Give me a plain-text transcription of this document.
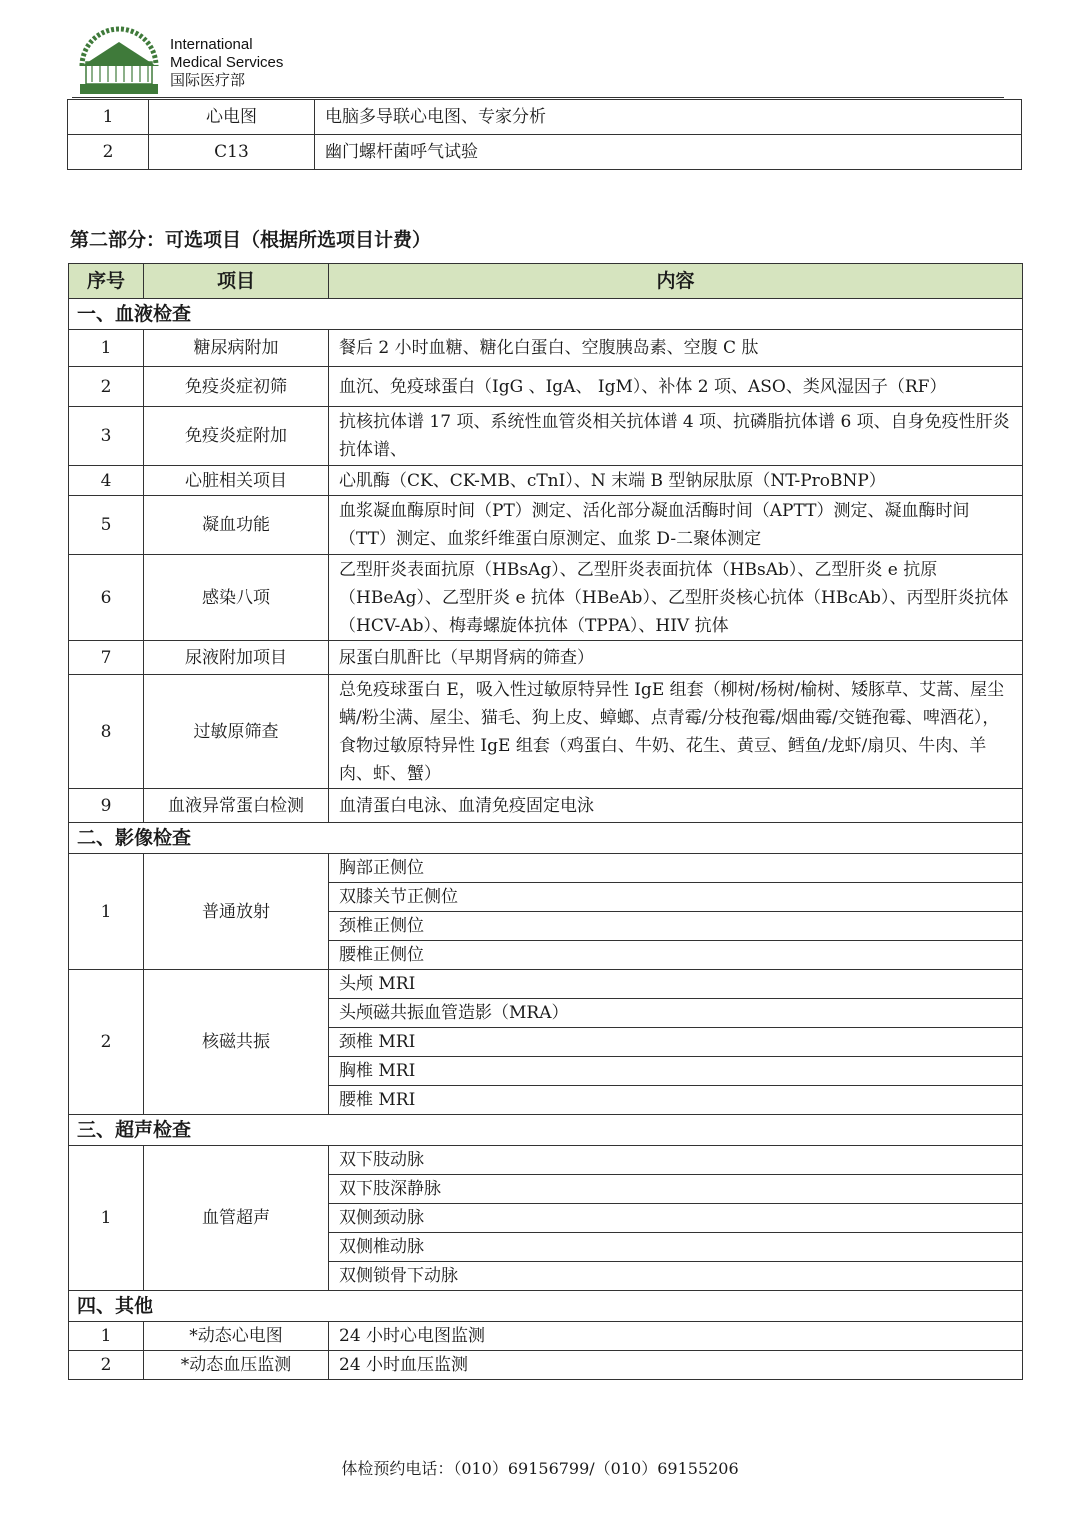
International
Medical Services
国际医疗部
1	心电图	电脑多导联心电图、专家分析
2	C13	幽门螺杆菌呼气试验
第二部分：可选项目（根据所选项目计费）
序号	项目	内容
一、血液检查		
1	糖尿病附加	餐后 2 小时血糖、糖化白蛋白、空腹胰岛素、空腹 C 肽
2	免疫炎症初筛	血沉、免疫球蛋白（IgG 、IgA、 IgM）、补体 2 项、ASO、类风湿因子（RF）
3	免疫炎症附加	抗核抗体谱 17 项、系统性血管炎相关抗体谱 4 项、抗磷脂抗体谱 6 项、自身免疫性肝炎抗体谱、
4	心脏相关项目	心肌酶（CK、CK-MB、cTnI）、N 末端 B 型钠尿肽原（NT-ProBNP）
5	凝血功能	血浆凝血酶原时间（PT）测定、活化部分凝血活酶时间（APTT）测定、凝血酶时间（TT）测定、血浆纤维蛋白原测定、血浆 D-二聚体测定
6	感染八项	乙型肝炎表面抗原（HBsAg）、乙型肝炎表面抗体（HBsAb）、乙型肝炎 e 抗原（HBeAg）、乙型肝炎 e 抗体（HBeAb）、乙型肝炎核心抗体（HBcAb）、丙型肝炎抗体（HCV-Ab）、梅毒螺旋体抗体（TPPA）、HIV 抗体
7	尿液附加项目	尿蛋白肌酐比（早期肾病的筛查）
8	过敏原筛查	总免疫球蛋白 E，吸入性过敏原特异性 IgE 组套（柳树/杨树/榆树、矮豚草、艾蒿、屋尘螨/粉尘满、屋尘、猫毛、狗上皮、蟑螂、点青霉/分枝孢霉/烟曲霉/交链孢霉、啤酒花），食物过敏原特异性 IgE 组套（鸡蛋白、牛奶、花生、黄豆、鳕鱼/龙虾/扇贝、牛肉、羊肉、虾、蟹）
9	血液异常蛋白检测	血清蛋白电泳、血清免疫固定电泳
二、影像检查		
1	普通放射	胸部正侧位
		双膝关节正侧位
		颈椎正侧位
		腰椎正侧位
2	核磁共振	头颅 MRI
		头颅磁共振血管造影（MRA）
		颈椎 MRI
		胸椎 MRI
		腰椎 MRI
三、超声检查		
1	血管超声	双下肢动脉
		双下肢深静脉
		双侧颈动脉
		双侧椎动脉
		双侧锁骨下动脉
四、其他		
1	*动态心电图	24 小时心电图监测
2	*动态血压监测	24 小时血压监测
体检预约电话：（010）69156799/（010）69155206
